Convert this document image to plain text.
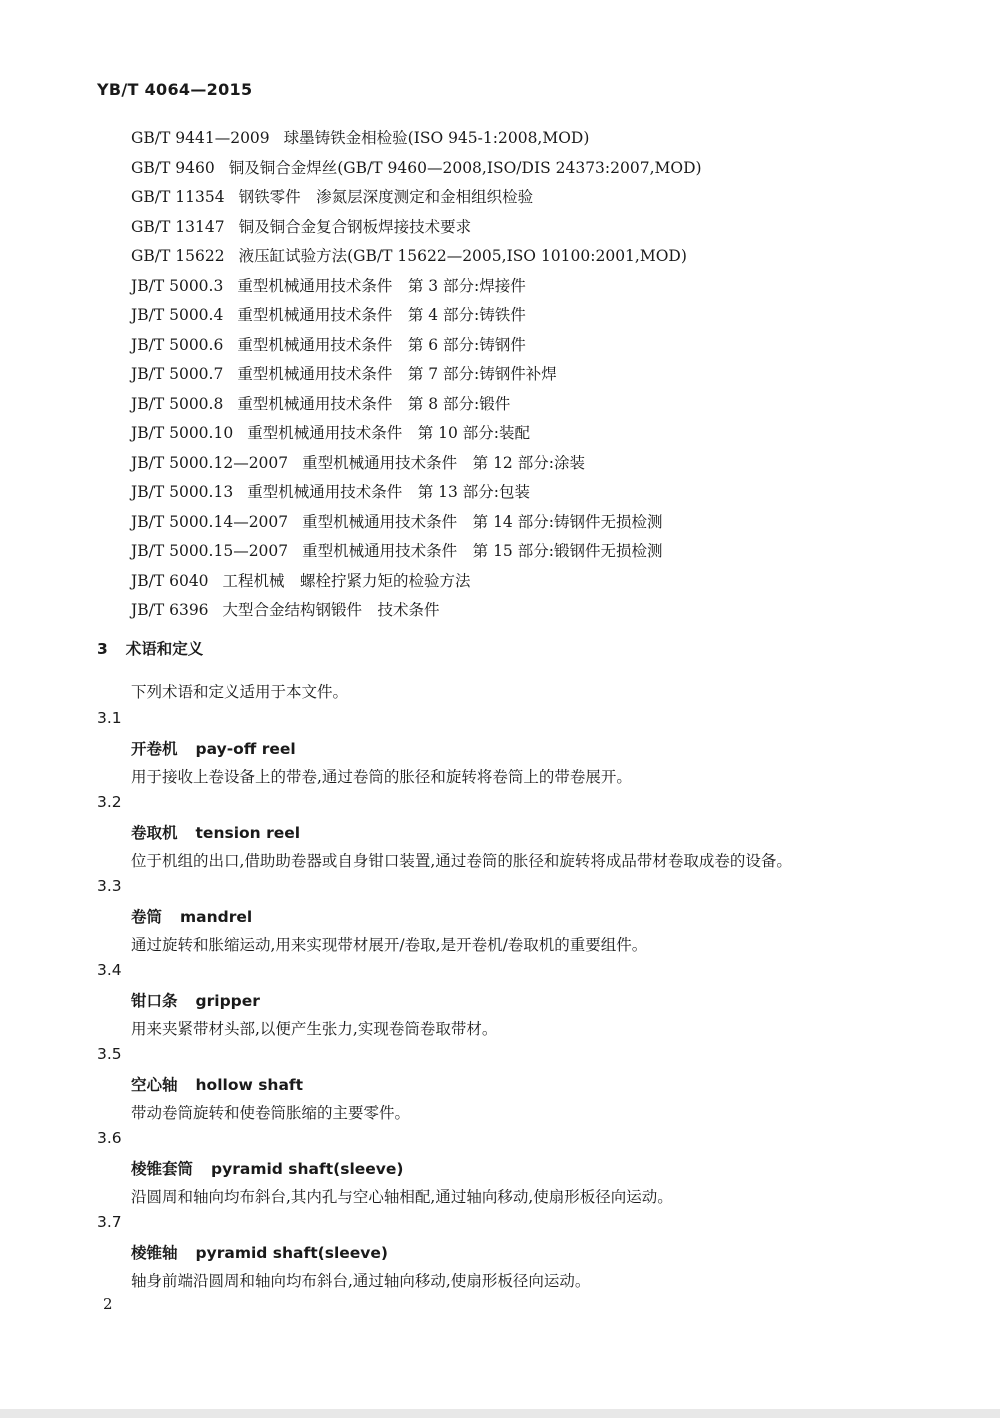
YB/T 4064—2015
GB/T 9441—2009 球墨铸铁金相检验(ISO 945-1:2008,MOD)
GB/T 9460 铜及铜合金焊丝(GB/T 9460—2008,ISO/DIS 24373:2007,MOD)
GB/T 11354 钢铁零件　渗氮层深度测定和金相组织检验
GB/T 13147 铜及铜合金复合钢板焊接技术要求
GB/T 15622 液压缸试验方法(GB/T 15622—2005,ISO 10100:2001,MOD)
JB/T 5000.3 重型机械通用技术条件　第 3 部分:焊接件
JB/T 5000.4 重型机械通用技术条件　第 4 部分:铸铁件
JB/T 5000.6 重型机械通用技术条件　第 6 部分:铸钢件
JB/T 5000.7 重型机械通用技术条件　第 7 部分:铸钢件补焊
JB/T 5000.8 重型机械通用技术条件　第 8 部分:锻件
JB/T 5000.10 重型机械通用技术条件　第 10 部分:装配
JB/T 5000.12—2007 重型机械通用技术条件　第 12 部分:涂装
JB/T 5000.13 重型机械通用技术条件　第 13 部分:包装
JB/T 5000.14—2007 重型机械通用技术条件　第 14 部分:铸钢件无损检测
JB/T 5000.15—2007 重型机械通用技术条件　第 15 部分:锻钢件无损检测
JB/T 6040 工程机械　螺栓拧紧力矩的检验方法
JB/T 6396 大型合金结构钢锻件　技术条件
3 术语和定义
下列术语和定义适用于本文件。
3.1
开卷机 pay-off reel
用于接收上卷设备上的带卷,通过卷筒的胀径和旋转将卷筒上的带卷展开。
3.2
卷取机 tension reel
位于机组的出口,借助助卷器或自身钳口装置,通过卷筒的胀径和旋转将成品带材卷取成卷的设备。
3.3
卷筒 mandrel
通过旋转和胀缩运动,用来实现带材展开/卷取,是开卷机/卷取机的重要组件。
3.4
钳口条 gripper
用来夹紧带材头部,以便产生张力,实现卷筒卷取带材。
3.5
空心轴 hollow shaft
带动卷筒旋转和使卷筒胀缩的主要零件。
3.6
棱锥套筒 pyramid shaft(sleeve)
沿圆周和轴向均布斜台,其内孔与空心轴相配,通过轴向移动,使扇形板径向运动。
3.7
棱锥轴 pyramid shaft(sleeve)
轴身前端沿圆周和轴向均布斜台,通过轴向移动,使扇形板径向运动。
2
